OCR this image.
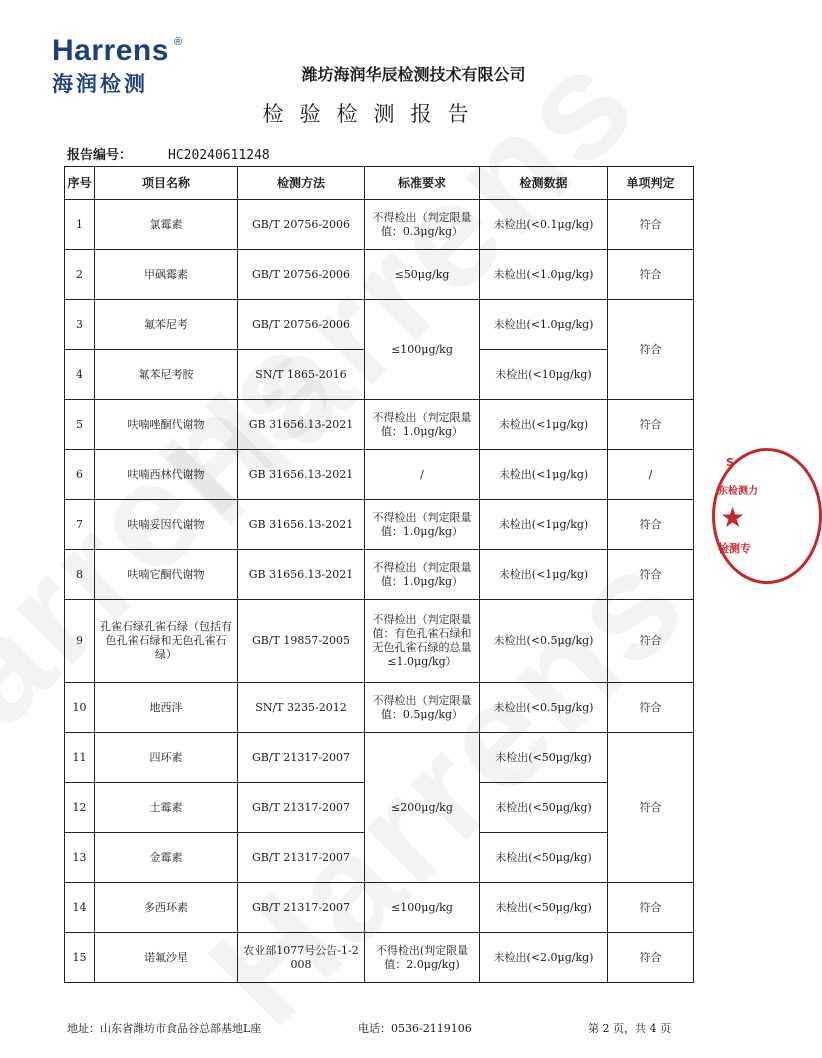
Harrens ®
海润检测	潍坊海润华辰检测技术有限公司
检验检测报告
报告编号：	HC20240611248
序号	项目名称	检测方法	标准要求	检测数据	单项判定
1	氯霉素	GB/T 20756-2006	不得检出（判定限量值：0.3μg/kg）	未检出(<0.1μg/kg)	符合
2	甲砜霉素	GB/T 20756-2006	≤50μg/kg	未检出(<1.0μg/kg)	符合
3	氟苯尼考	GB/T 20756-2006	≤100μg/kg	未检出(<1.0μg/kg)	符合
4	氟苯尼考胺	SN/T 1865-2016		未检出(<10μg/kg)	
5	呋喃唑酮代谢物	GB 31656.13-2021	不得检出（判定限量值：1.0μg/kg）	未检出(<1μg/kg)	符合
6	呋喃西林代谢物	GB 31656.13-2021	/	未检出(<1μg/kg)	/
7	呋喃妥因代谢物	GB 31656.13-2021	不得检出（判定限量值：1.0μg/kg）	未检出(<1μg/kg)	符合
8	呋喃它酮代谢物	GB 31656.13-2021	不得检出（判定限量值：1.0μg/kg）	未检出(<1μg/kg)	符合
9	孔雀石绿孔雀石绿（包括有色孔雀石绿和无色孔雀石绿）	GB/T 19857-2005	不得检出（判定限量值：有色孔雀石绿和无色孔雀石绿的总量≤1.0μg/kg）	未检出(<0.5μg/kg)	符合
10	地西泮	SN/T 3235-2012	不得检出（判定限量值：0.5μg/kg）	未检出(<0.5μg/kg)	符合
11	四环素	GB/T 21317-2007	≤200μg/kg	未检出(<50μg/kg)	符合
12	土霉素	GB/T 21317-2007		未检出(<50μg/kg)	
13	金霉素	GB/T 21317-2007		未检出(<50μg/kg)	
14	多西环素	GB/T 21317-2007	≤100μg/kg	未检出(<50μg/kg)	符合
15	诺氟沙星	农业部1077号公告-1-2008	不得检出(判定限量值：2.0μg/kg)	未检出(<2.0μg/kg)	符合
地址：山东省潍坊市食品谷总部基地L座	电话：0536-2119106	第 2 页，共 4 页
S
东检测力
★
检测专
